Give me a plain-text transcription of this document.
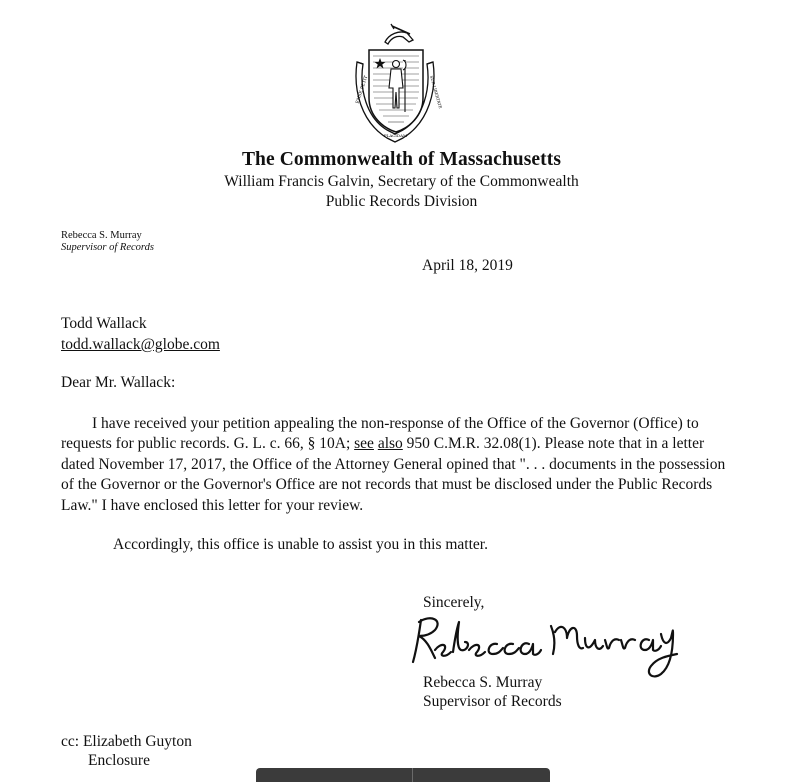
ENSE PETIT
PLACIDAM
SUB LIBERTATE
The Commonwealth of Massachusetts
William Francis Galvin, Secretary of the Commonwealth
Public Records Division
Rebecca S. Murray
Supervisor of Records
April 18, 2019
Todd Wallack
todd.wallack@globe.com
Dear Mr. Wallack:

I have received your petition appealing the non-response of the Office of the Governor (Office) to requests for public records. G. L. c. 66, § 10A; see also 950 C.M.R. 32.08(1). Please note that in a letter dated November 17, 2017, the Office of the Attorney General opined that ". . . documents in the possession of the Governor or the Governor's Office are not records that must be disclosed under the Public Records Law." I have enclosed this letter for your review.

Accordingly, this office is unable to assist you in this matter.

Sincerely,
Rebecca S. Murray
Supervisor of Records
cc: Elizabeth Guyton
Enclosure
